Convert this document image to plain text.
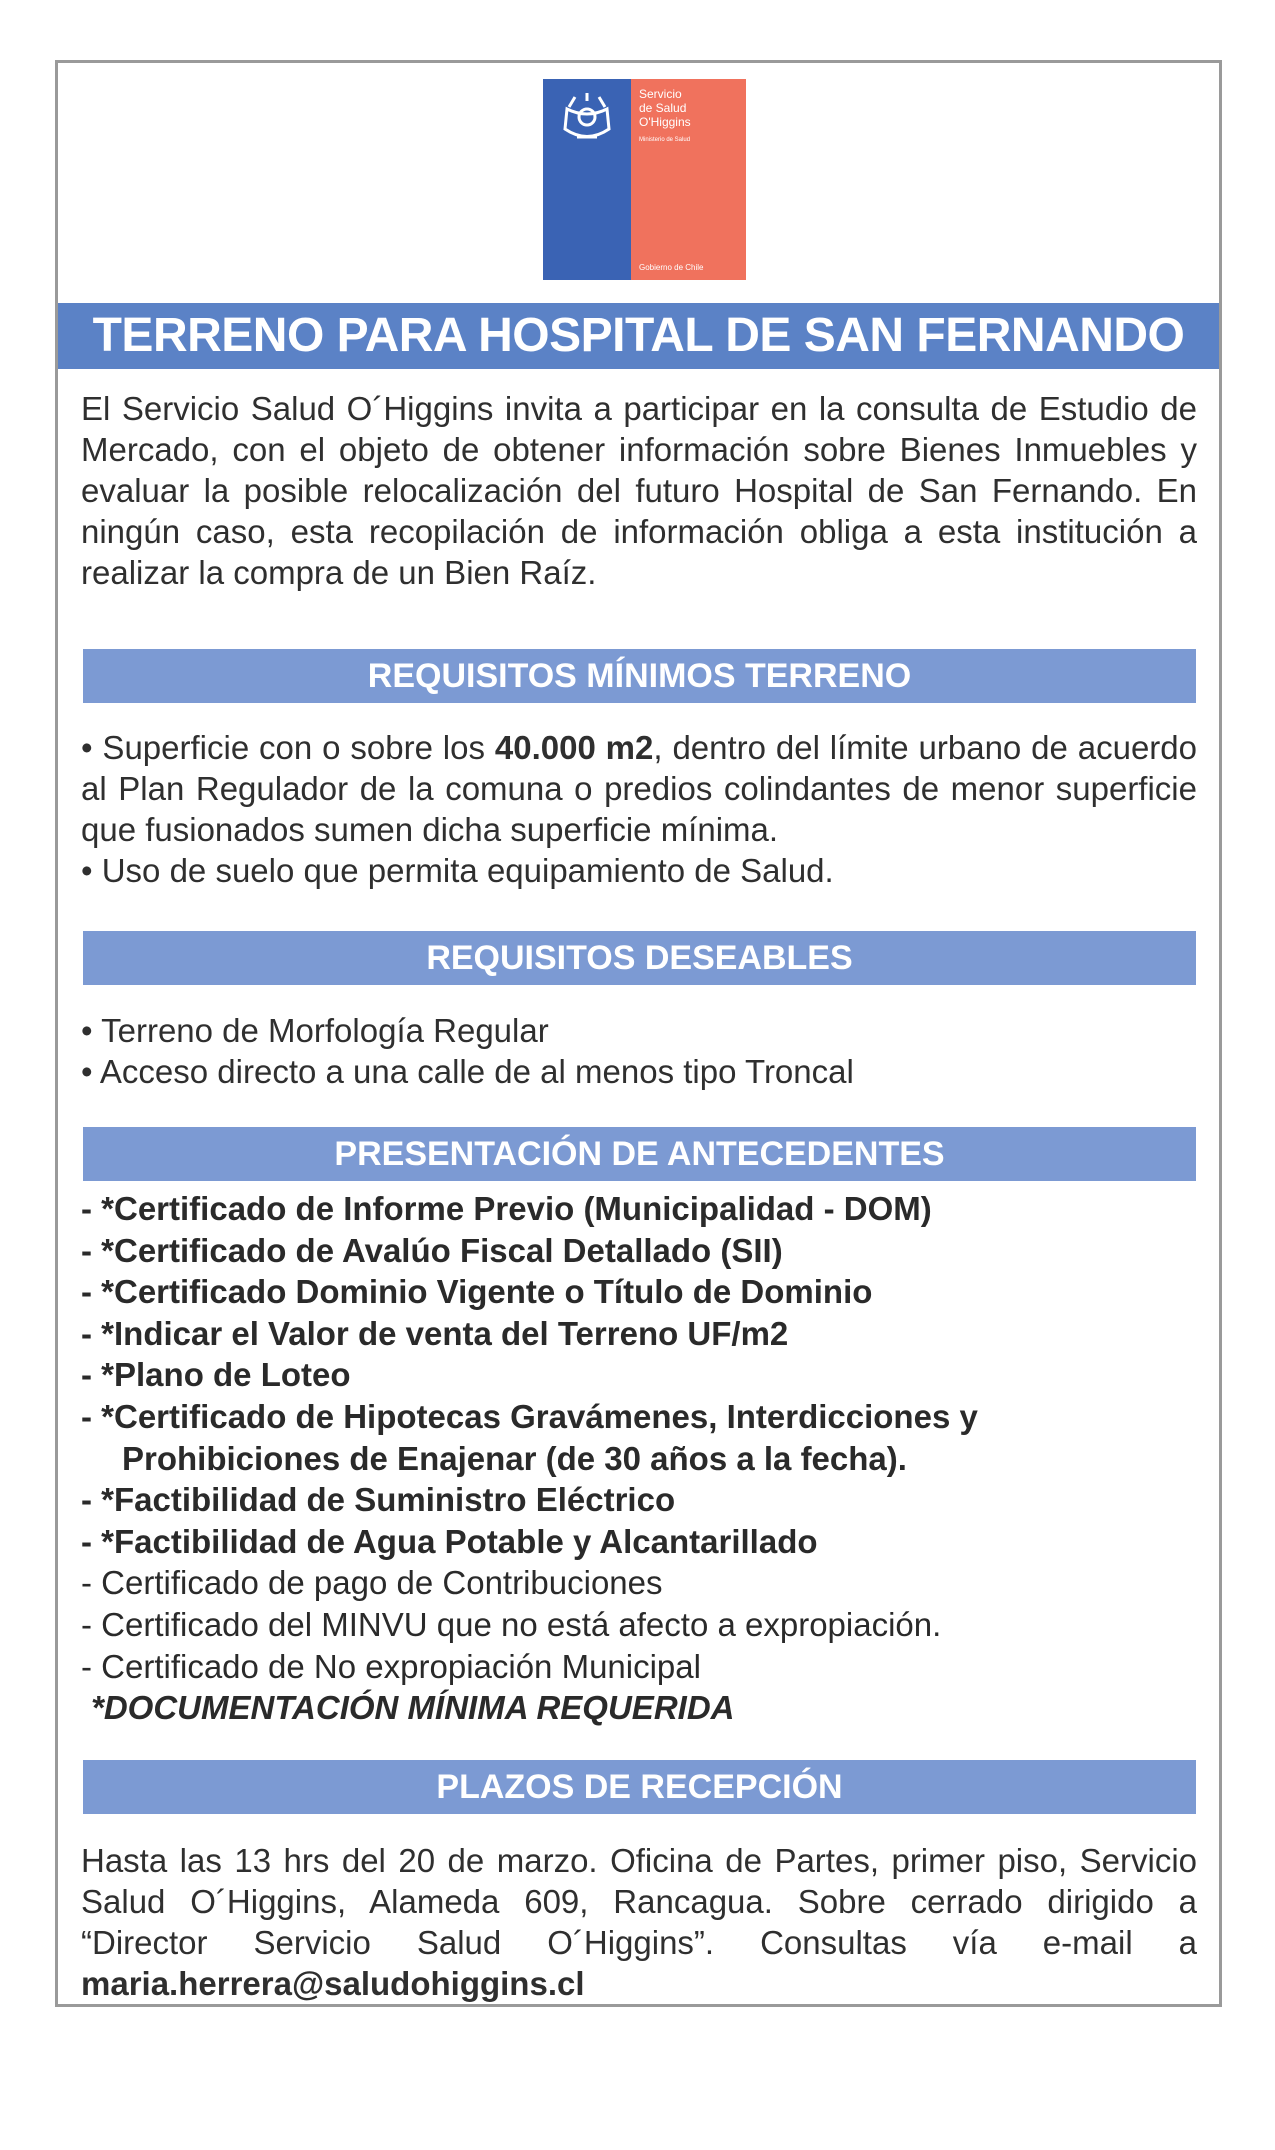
Servicio
de Salud
O'Higgins
Ministerio de Salud
Gobierno de Chile
TERRENO PARA HOSPITAL DE SAN FERNANDO
El Servicio Salud O´Higgins invita a participar en la consulta de Estudio de Mercado, con el objeto de obtener información sobre Bienes Inmuebles y evaluar la posible relocalización del futuro Hospital de San Fernando. En ningún caso, esta recopilación de información obliga a esta institución a realizar la compra de un Bien Raíz.
REQUISITOS MÍNIMOS TERRENO

• Superficie con o sobre los 40.000 m2, dentro del límite urbano de acuerdo al Plan Regulador de la comuna o predios colindantes de menor superficie que fusionados sumen dicha superficie mínima.

• Uso de suelo que permita equipamiento de Salud.

REQUISITOS DESEABLES

• Terreno de Morfología Regular

• Acceso directo a una calle de al menos tipo Troncal

PRESENTACIÓN DE ANTECEDENTES
- *Certificado de Informe Previo (Municipalidad - DOM)
- *Certificado de Avalúo Fiscal Detallado (SII)
- *Certificado Dominio Vigente o Título de Dominio
- *Indicar el Valor de venta del Terreno UF/m2
- *Plano de Loteo
- *Certificado de Hipotecas Gravámenes, Interdicciones y
Prohibiciones de Enajenar (de 30 años a la fecha).
- *Factibilidad de Suministro Eléctrico
- *Factibilidad de Agua Potable y Alcantarillado
- Certificado de pago de Contribuciones
- Certificado del MINVU que no está afecto a expropiación.
- Certificado de No expropiación Municipal
*DOCUMENTACIÓN MÍNIMA REQUERIDA
PLAZOS DE RECEPCIÓN
Hasta las 13 hrs del 20 de marzo. Oficina de Partes, primer piso, Servicio Salud O´Higgins, Alameda 609, Rancagua. Sobre cerrado dirigido a “Director Servicio Salud O´Higgins”. Consultas vía e-mail a maria.herrera@saludohiggins.cl
